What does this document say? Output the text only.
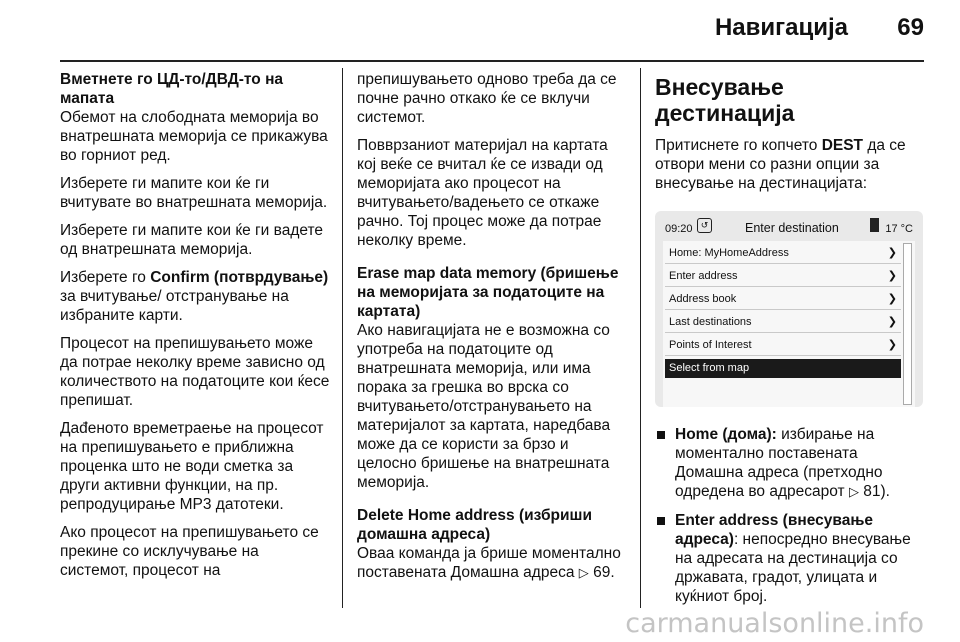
Навигација 69

Вметнете го ЦД-то/ДВД-то на мапата

Обемот на слободната меморија во внатрешната меморија се прикажува во горниот ред.

Изберете ги мапите кои ќе ги вчитувате во внатрешната меморија.

Изберете ги мапите кои ќе ги вадете од внатрешната меморија.

Изберете го Confirm (потврдување) за вчитување/ отстранување на избраните карти.

Процесот на препишувањето може да потрае неколку време зависно од количеството на податоците кои ќесе препишат.

Дađеното времетраење на процесот на препишувањето е приближна проценка што не води сметка за други активни функции, на пр. репродуцирање MP3 датотеки.

Ако процесот на препишувањето се прекине со исклучување на системот, процесот на

препишувањето одново треба да се почне рачно откако ќе се вклучи системот.

Повврзаниот материјал на картата кој веќе се вчитал ќе се извади од меморијата ако процесот на вчитувањето/вадењето се откаже рачно. Тој процес може да потрае неколку време.

Erase map data memory (бришење на меморијата за податоците на картата)

Ако навигацијата не е возможна со употреба на податоците од внатрешната меморија, или има порака за грешка во врска со вчитувањето/отстранувањето на материјалот за картата, наредбава може да се користи за брзо и целосно бришење на внатрешната меморија.

Delete Home address (избриши домашна адреса)

Оваа команда ја брише моменталнo поставената Домашна адреса ▷ 69.

Внесување дестинација

Притиснете го копчето DEST да се отвори мени со разни опции за внесување на дестинацијата:

09:20 ↺	Enter destination	17 °C
Home: MyHomeAddress	❯
Enter address	❯
Address book	❯
Last destinations	❯
Points of Interest	❯
Select from map
Home (дома): избирање на моментално поставената Домашна адреса (претходно одредена во адресарот ▷ 81).
Enter address (внесување адреса): непосредно внесување на адресата на дестинација со државата, градот, улицата и куќниот број.
carmanualsonline.info
